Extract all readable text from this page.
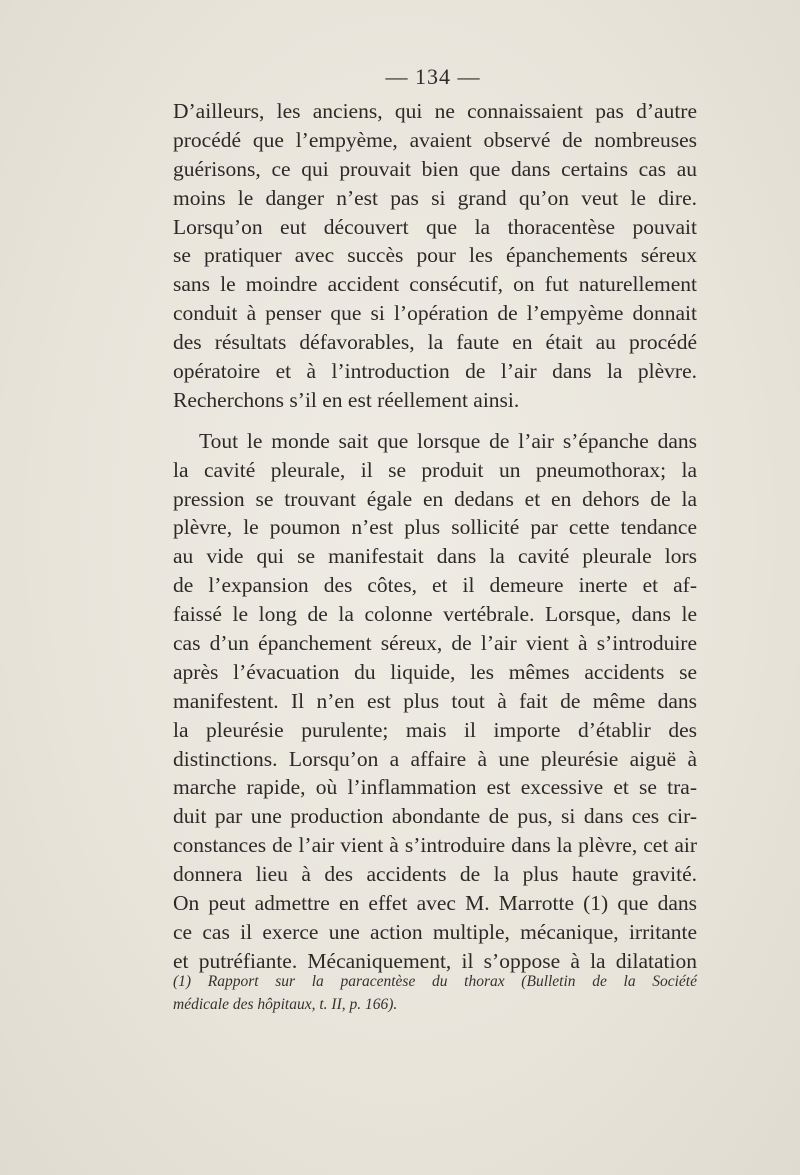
— 134 —
D’ailleurs, les anciens, qui ne connaissaient pas d’autre
procédé que l’empyème, avaient observé de nombreuses
guérisons, ce qui prouvait bien que dans certains cas au
moins le danger n’est pas si grand qu’on veut le dire.
Lorsqu’on eut découvert que la thoracentèse pouvait
se pratiquer avec succès pour les épanchements séreux
sans le moindre accident consécutif, on fut naturellement
conduit à penser que si l’opération de l’empyème donnait
des résultats défavorables, la faute en était au procédé
opératoire et à l’introduction de l’air dans la plèvre.
Recherchons s’il en est réellement ainsi.
Tout le monde sait que lorsque de l’air s’épanche dans
la cavité pleurale, il se produit un pneumothorax; la
pression se trouvant égale en dedans et en dehors de la
plèvre, le poumon n’est plus sollicité par cette tendance
au vide qui se manifestait dans la cavité pleurale lors
de l’expansion des côtes, et il demeure inerte et af-
faissé le long de la colonne vertébrale. Lorsque, dans le
cas d’un épanchement séreux, de l’air vient à s’introduire
après l’évacuation du liquide, les mêmes accidents se
manifestent. Il n’en est plus tout à fait de même dans
la pleurésie purulente; mais il importe d’établir des
distinctions. Lorsqu’on a affaire à une pleurésie aiguë à
marche rapide, où l’inflammation est excessive et se tra-
duit par une production abondante de pus, si dans ces cir-
constances de l’air vient à s’introduire dans la plèvre, cet air
donnera lieu à des accidents de la plus haute gravité.
On peut admettre en effet avec M. Marrotte (1) que dans
ce cas il exerce une action multiple, mécanique, irritante
et putréfiante. Mécaniquement, il s’oppose à la dilatation
(1) Rapport sur la paracentèse du thorax (Bulletin de la Société
médicale des hôpitaux, t. II, p. 166).
